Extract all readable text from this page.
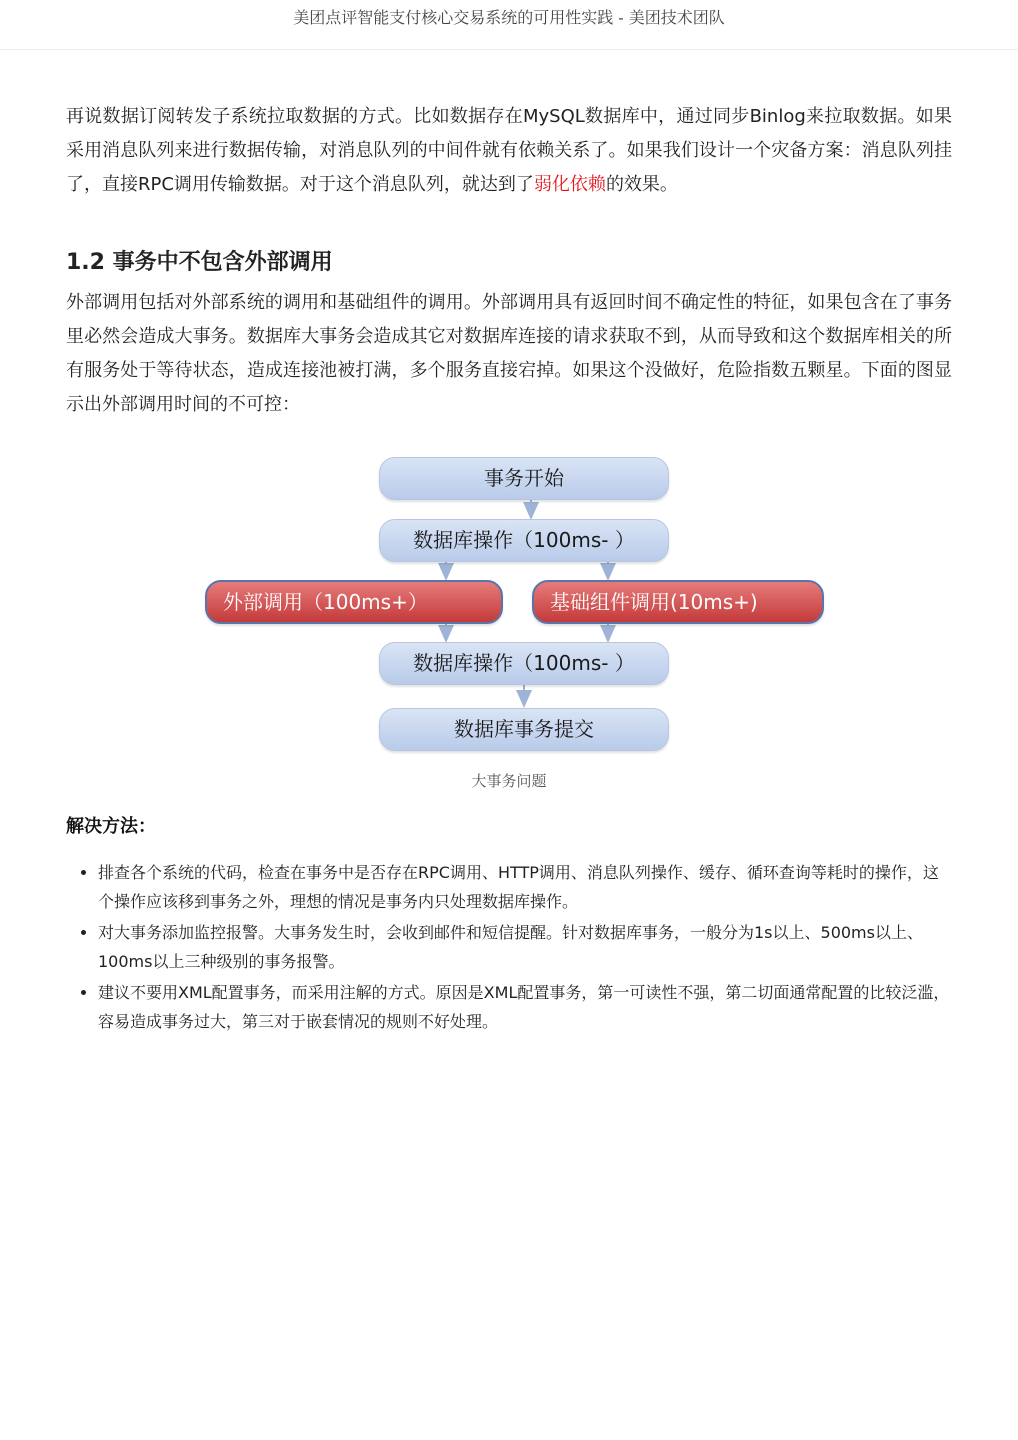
美团点评智能支付核心交易系统的可用性实践 - 美团技术团队

再说数据订阅转发子系统拉取数据的方式。比如数据存在MySQL数据库中，通过同步Binlog来拉取数据。如果采用消息队列来进行数据传输，对消息队列的中间件就有依赖关系了。如果我们设计一个灾备方案：消息队列挂了，直接RPC调用传输数据。对于这个消息队列，就达到了弱化依赖的效果。

1.2 事务中不包含外部调用

外部调用包括对外部系统的调用和基础组件的调用。外部调用具有返回时间不确定性的特征，如果包含在了事务里必然会造成大事务。数据库大事务会造成其它对数据库连接的请求获取不到，从而导致和这个数据库相关的所有服务处于等待状态，造成连接池被打满，多个服务直接宕掉。如果这个没做好，危险指数五颗星。下面的图显示出外部调用时间的不可控：

事务开始
数据库操作（100ms- ）
外部调用（100ms+）	基础组件调用(10ms+)
数据库操作（100ms- ）
数据库事务提交

大事务问题

解决方法：
• 排查各个系统的代码，检查在事务中是否存在RPC调用、HTTP调用、消息队列操作、缓存、循环查询等耗时的操作，这个操作应该移到事务之外，理想的情况是事务内只处理数据库操作。
• 对大事务添加监控报警。大事务发生时，会收到邮件和短信提醒。针对数据库事务，一般分为1s以上、500ms以上、100ms以上三种级别的事务报警。
• 建议不要用XML配置事务，而采用注解的方式。原因是XML配置事务，第一可读性不强，第二切面通常配置的比较泛滥，容易造成事务过大，第三对于嵌套情况的规则不好处理。
